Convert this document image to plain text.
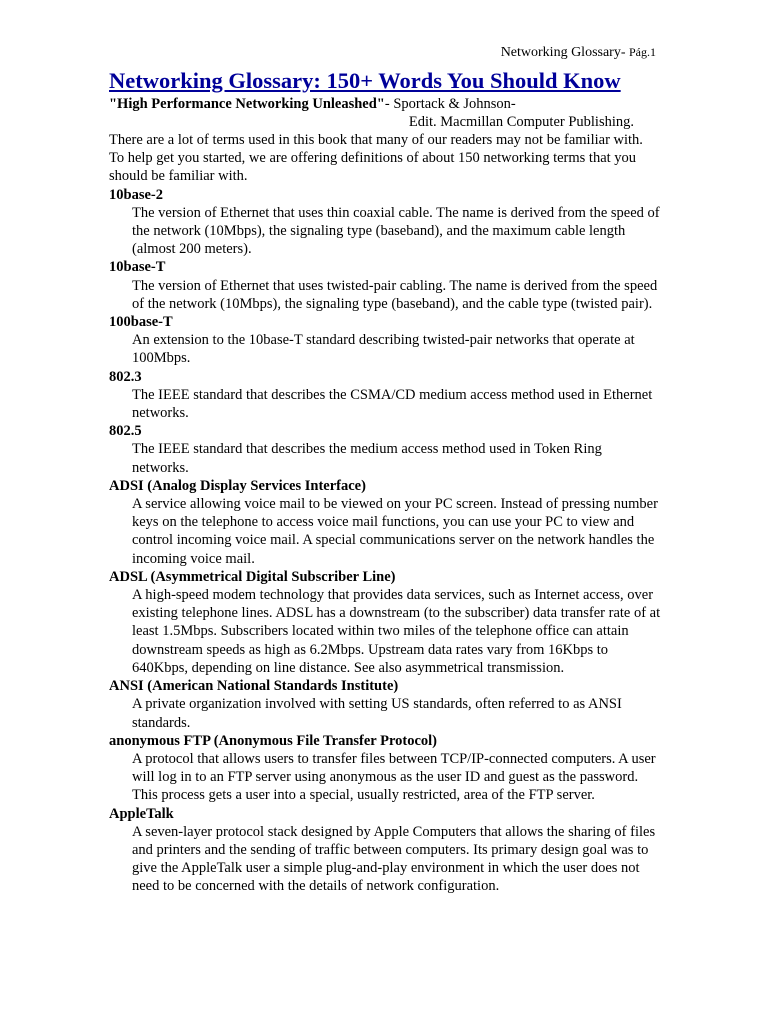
Networking Glossary- Pág.1
Networking Glossary: 150+ Words You Should Know
"High Performance Networking Unleashed"- Sportack & Johnson-
Edit. Macmillan Computer Publishing.

There are a lot of terms used in this book that many of our readers may not be familiar with. To help get you started, we are offering definitions of about 150 networking terms that you should be familiar with.

10base-2
The version of Ethernet that uses thin coaxial cable. The name is derived from the speed of the network (10Mbps), the signaling type (baseband), and the maximum cable length (almost 200 meters).
10base-T
The version of Ethernet that uses twisted-pair cabling. The name is derived from the speed of the network (10Mbps), the signaling type (baseband), and the cable type (twisted pair).
100base-T
An extension to the 10base-T standard describing twisted-pair networks that operate at 100Mbps.
802.3
The IEEE standard that describes the CSMA/CD medium access method used in Ethernet networks.
802.5
The IEEE standard that describes the medium access method used in Token Ring networks.
ADSI (Analog Display Services Interface)
A service allowing voice mail to be viewed on your PC screen. Instead of pressing number keys on the telephone to access voice mail functions, you can use your PC to view and control incoming voice mail. A special communications server on the network handles the incoming voice mail.
ADSL (Asymmetrical Digital Subscriber Line)
A high-speed modem technology that provides data services, such as Internet access, over existing telephone lines. ADSL has a downstream (to the subscriber) data transfer rate of at least 1.5Mbps. Subscribers located within two miles of the telephone office can attain downstream speeds as high as 6.2Mbps. Upstream data rates vary from 16Kbps to 640Kbps, depending on line distance. See also asymmetrical transmission.
ANSI (American National Standards Institute)
A private organization involved with setting US standards, often referred to as ANSI standards.
anonymous FTP (Anonymous File Transfer Protocol)
A protocol that allows users to transfer files between TCP/IP-connected computers. A user will log in to an FTP server using anonymous as the user ID and guest as the password. This process gets a user into a special, usually restricted, area of the FTP server.
AppleTalk
A seven-layer protocol stack designed by Apple Computers that allows the sharing of files and printers and the sending of traffic between computers. Its primary design goal was to give the AppleTalk user a simple plug-and-play environment in which the user does not need to be concerned with the details of network configuration.
